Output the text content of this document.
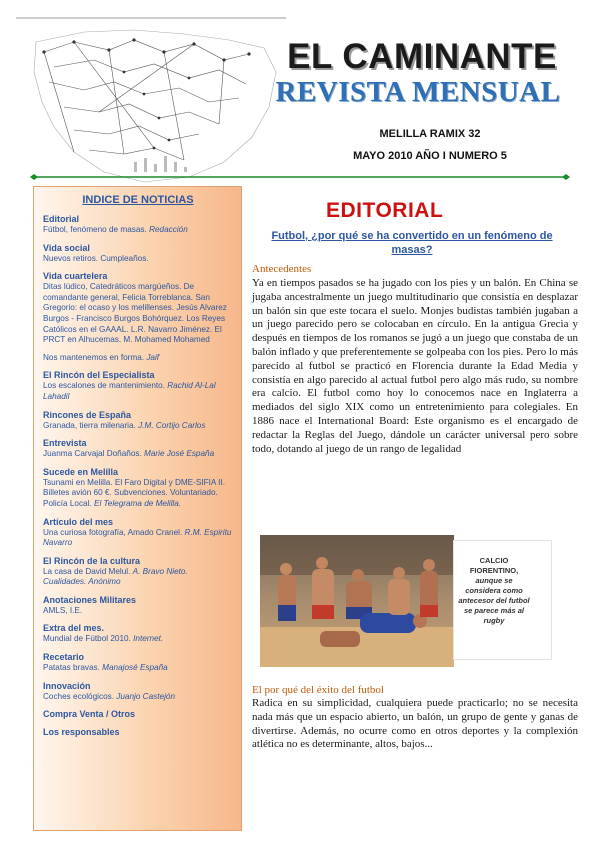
EL CAMINANTE
REVISTA MENSUAL
MELILLA RAMIX 32
MAYO 2010 AÑO I NUMERO 5
INDICE DE NOTICIAS
Editorial
Fútbol, fenómeno de masas. Redacción
Vida social
Nuevos retiros. Cumpleaños.
Vida cuartelera
Ditas lúdico, Catedráticos margúeños. De comandante general, Felicia Torreblanca. San Gregorio: el ocaso y los melillenses. Jesús Alvarez Burgos - Francisco Burgos Bohórquez. Los Reyes Católicos en el GAAAL. L.R. Navarro Jiménez. El PRCT en Alhucemas. M. Mohamed Mohamed
Nos mantenemos en forma. Jaif
El Rincón del Especialista
Los escalones de mantenimiento. Rachid Al-Lal Lahadil
Rincones de España
Granada, tierra milenaria. J.M. Cortijo Carlos
Entrevista
Juanma Carvajal Doñaños. Marie José España
Sucede en Melilla
Tsunami en Melilla. El Faro Digital y DME-SIFIA II. Billetes avión 60 €. Subvenciones. Voluntariado. Policía Local. El Telegrama de Melilla.
Artículo del mes
Una curiosa fotografía, Amado Cranel. R.M. Espiritu Navarro
El Rincón de la cultura
La casa de David Melul. A. Bravo Nieto. Cualidades. Anónimo
Anotaciones Militares
AMLS, I.E.
Extra del mes.
Mundial de Fútbol 2010. Internet.
Recetario
Patatas bravas. Manajosé España
Innovación
Coches ecológicos. Juanjo Castejón
Compra Venta / Otros
Los responsables
EDITORIAL
Futbol, ¿por qué se ha convertido en un fenómeno de masas?
Antecedentes
Ya en tiempos pasados se ha jugado con los pies y un balón. En China se jugaba ancestralmente un juego multitudinario que consistía en desplazar un balón sin que este tocara el suelo. Monjes budistas también jugaban a un juego parecido pero se colocaban en círculo. En la antigua Grecia y después en tiempos de los romanos se jugó a un juego que constaba de un balón inflado y que preferentemente se golpeaba con los pies. Pero lo más parecido al futbol se practicó en Florencia durante la Edad Media y consistía en algo parecido al actual futbol pero algo más rudo, su nombre era calcio. El futbol como hoy lo conocemos nace en Inglaterra a mediados del siglo XIX como un entretenimiento para colegiales. En 1886 nace el International Board: Este organismo es el encargado de redactar la Reglas del Juego, dándole un carácter universal pero sobre todo, dotando al juego de un rango de legalidad
CALCIO FIORENTINO,
aunque se considera como antecesor del futbol se parece más al rugby
El por qué del éxito del futbol
Radica en su simplicidad, cualquiera puede practicarlo; no se necesita nada más que un espacio abierto, un balón, un grupo de gente y ganas de divertirse. Además, no ocurre como en otros deportes y la complexión atlética no es determinante, altos, bajos...
